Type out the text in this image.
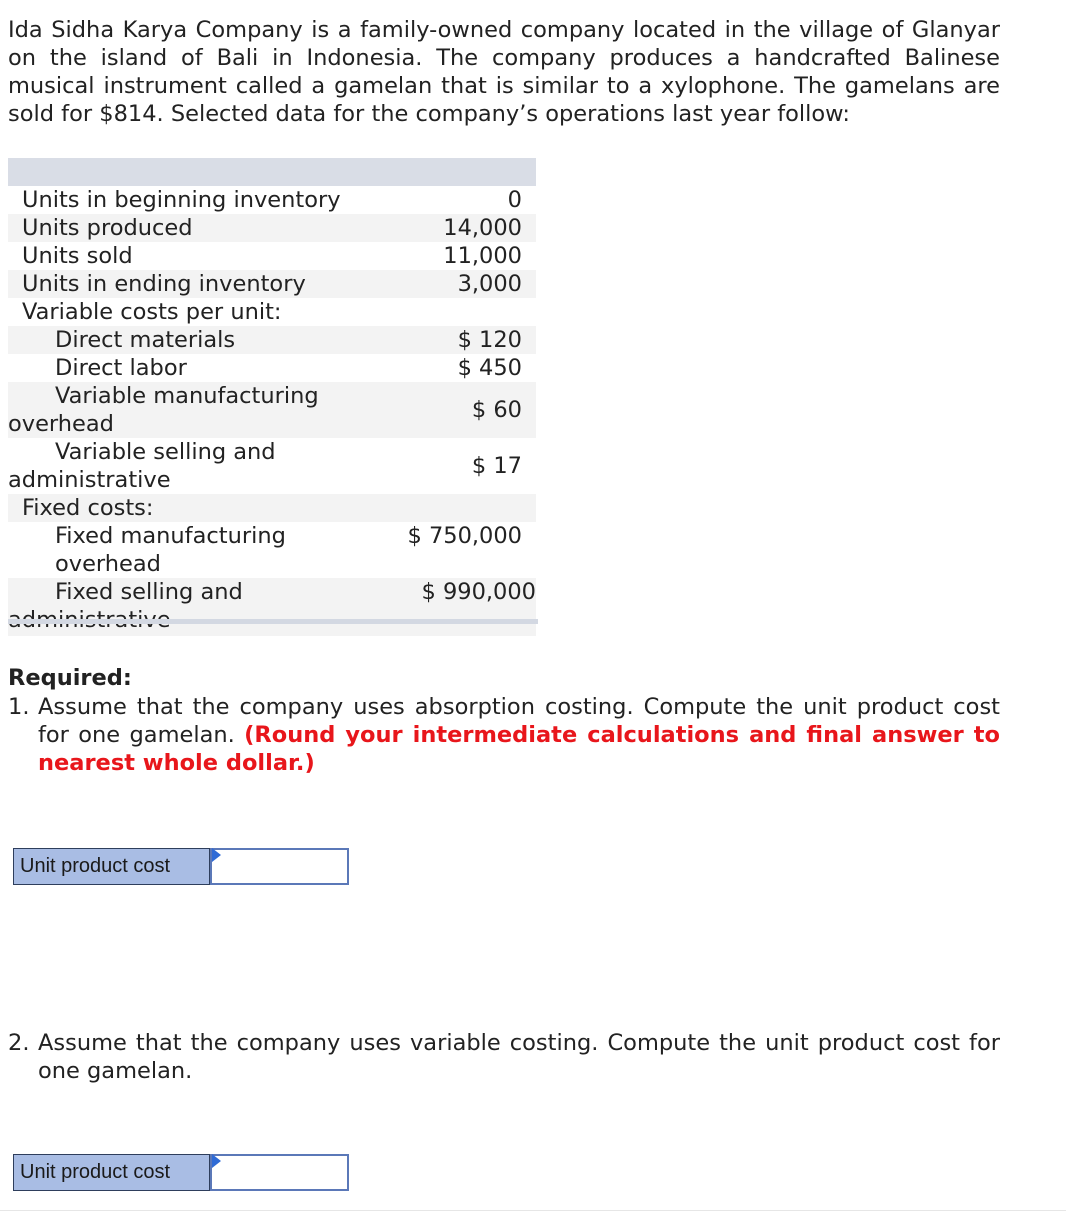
Ida Sidha Karya Company is a family-owned company located in the village of Glanyar on the island of Bali in Indonesia. The company produces a handcrafted Balinese musical instrument called a gamelan that is similar to a xylophone. The gamelans are sold for $814. Selected data for the company’s operations last year follow:

Units in beginning inventory	0
Units produced	14,000
Units sold	11,000
Units in ending inventory	3,000
Variable costs per unit:	
Direct materials	$ 120
Direct labor	$ 450
Variable manufacturing overhead	$ 60
Variable selling and administrative	$ 17
Fixed costs:	
Fixed manufacturing overhead	$ 750,000
Fixed selling and	$ 990,000
Required:
1. Assume that the company uses absorption costing. Compute the unit product cost for one gamelan. (Round your intermediate calculations and final answer to nearest whole dollar.)
Unit product cost
2. Assume that the company uses variable costing. Compute the unit product cost for one gamelan.
Unit product cost
